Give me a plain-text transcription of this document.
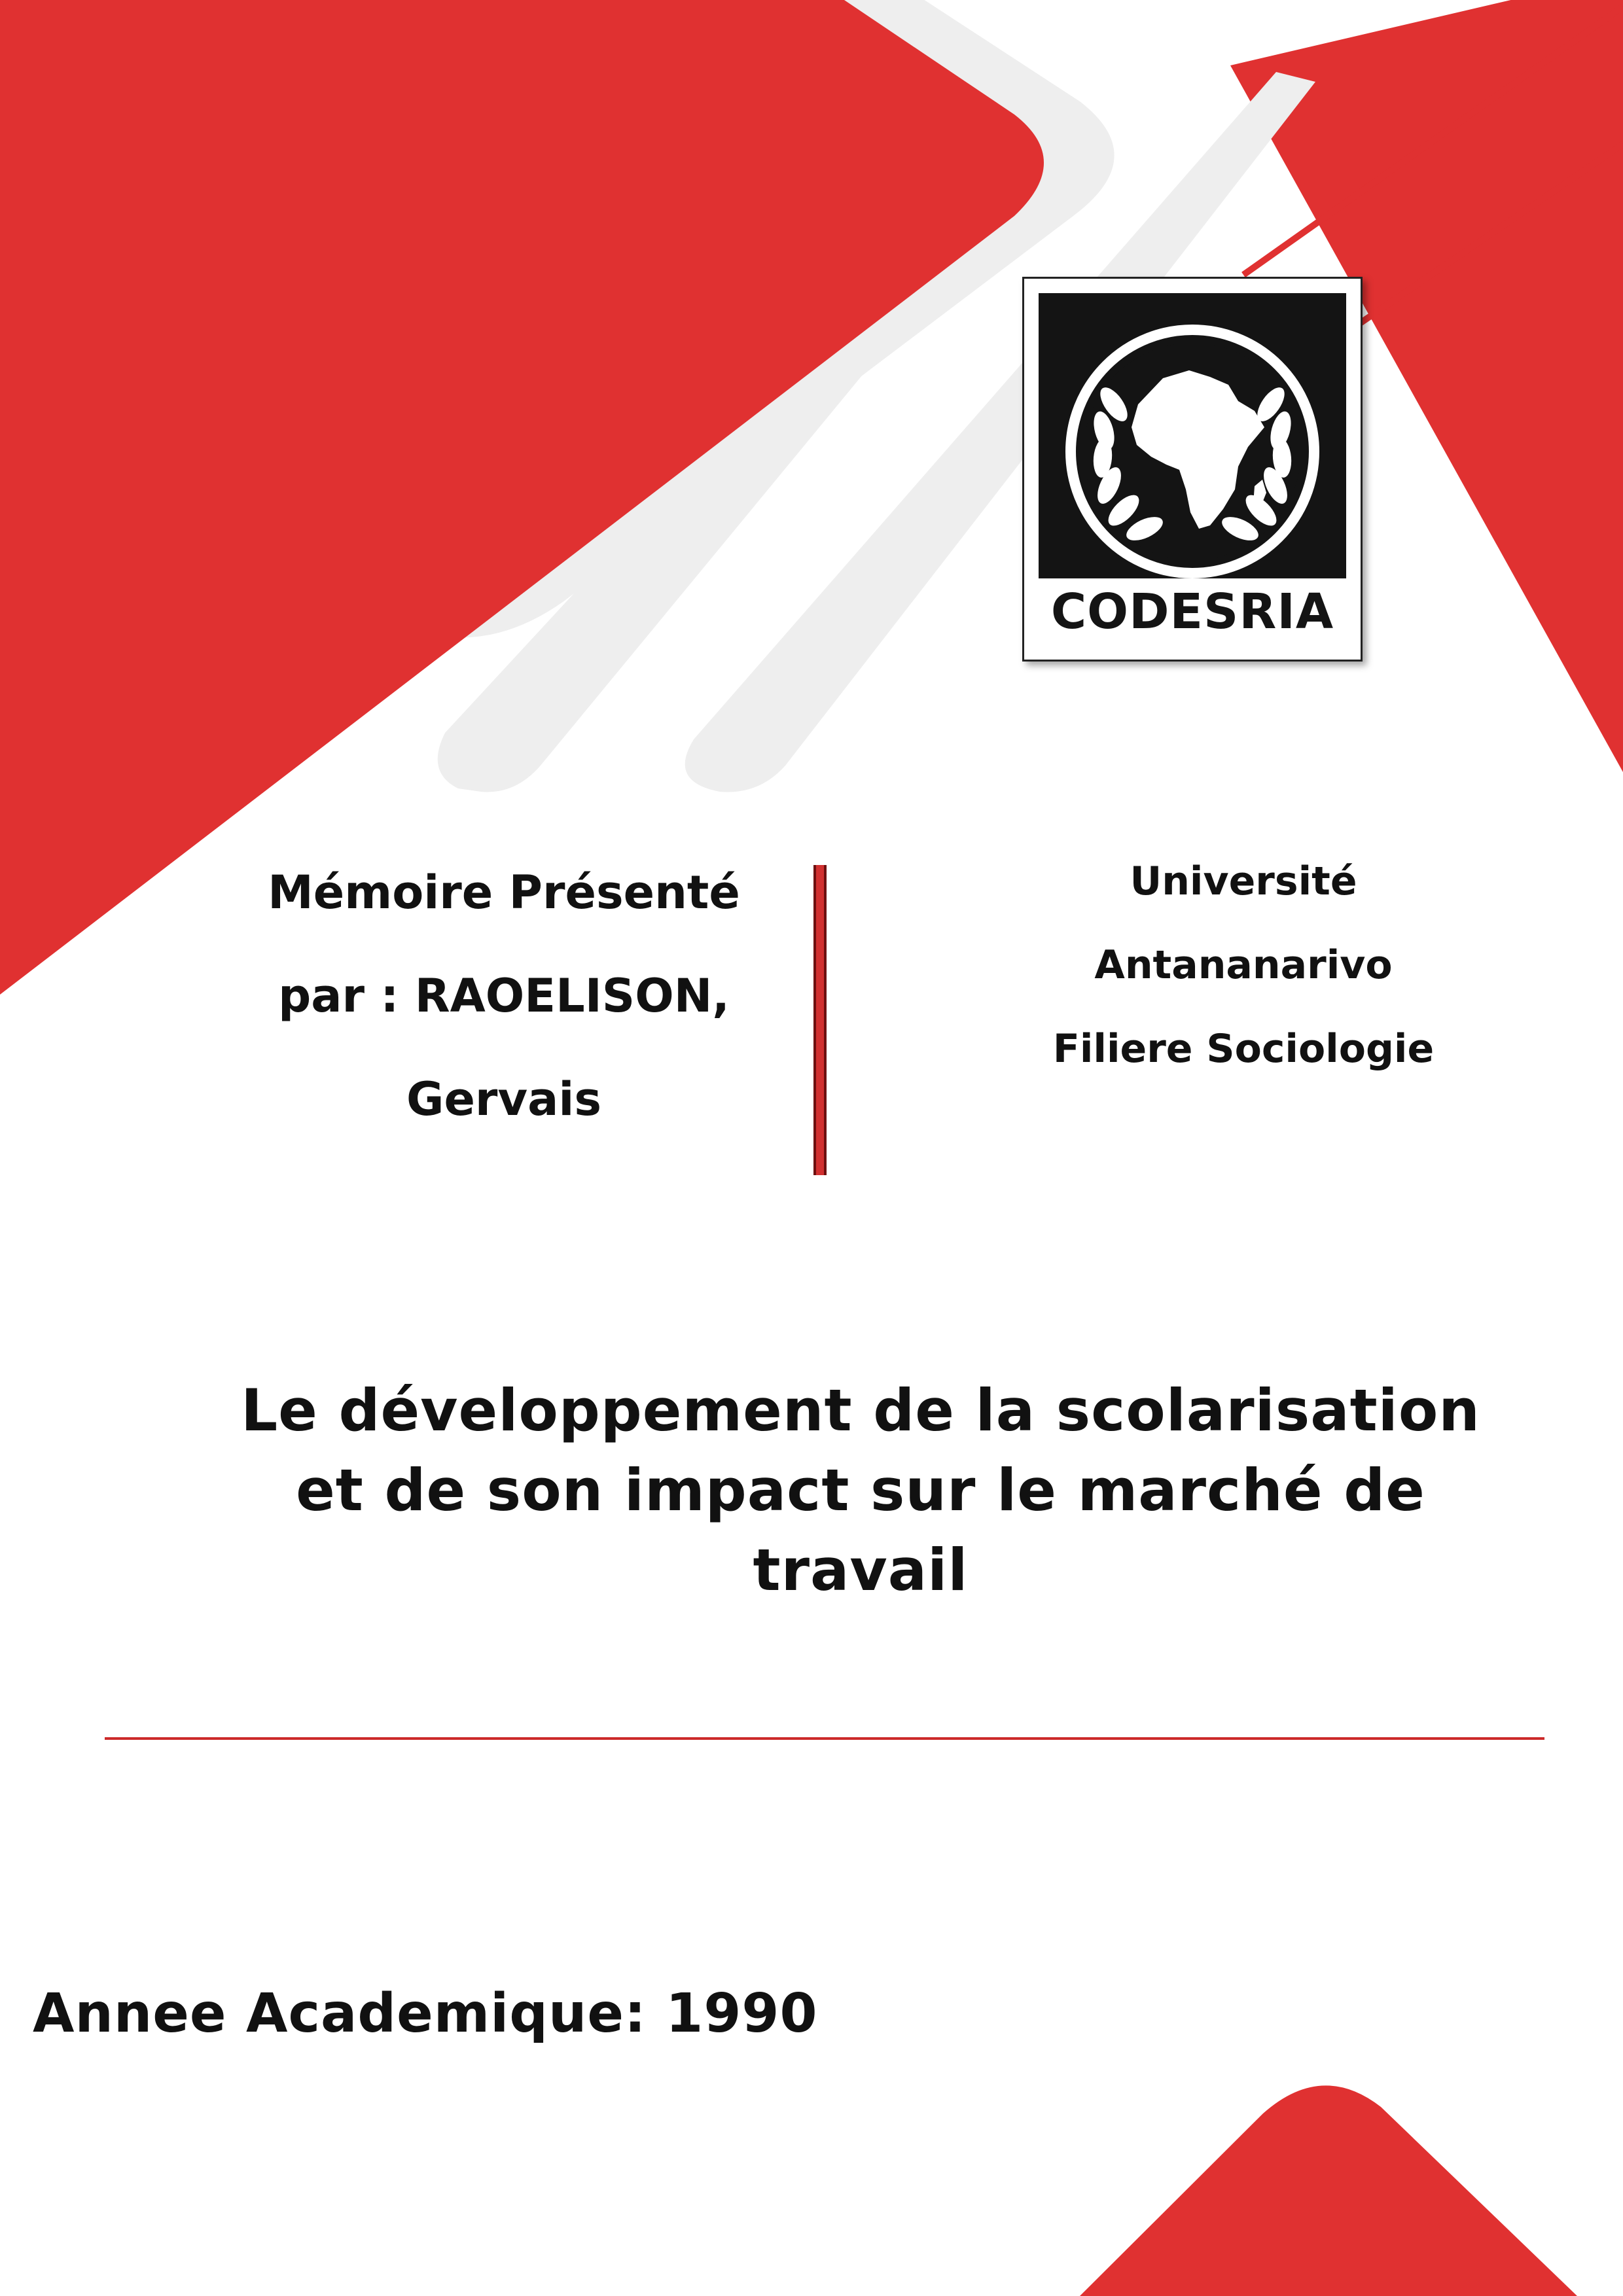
CODESRIA
Mémoire Présenté
par : RAOELISON,
Gervais
Université
Antananarivo
Filiere Sociologie
Le développement de la scolarisation
et de son impact sur le marché de
travail
Annee Academique: 1990
